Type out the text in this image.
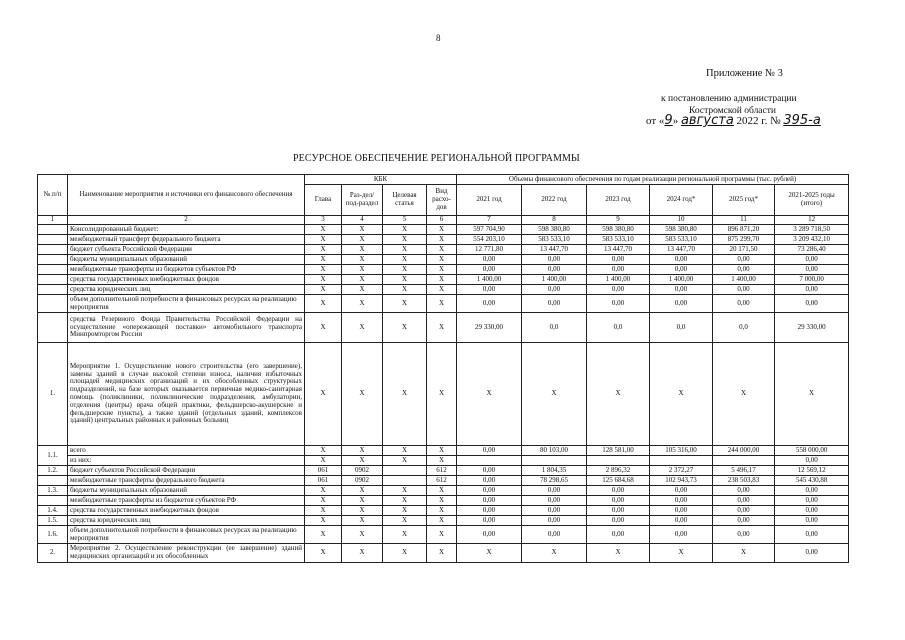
8
Приложение № 3
к постановлению администрации
Костромской области
от «9» августа 2022 г. № 395-а
РЕСУРСНОЕ ОБЕСПЕЧЕНИЕ РЕГИОНАЛЬНОЙ ПРОГРАММЫ
№ п/п	Наименование мероприятия и источники его финансового обеспечения	КБК				Объемы финансового обеспечения по годам реализации региональной программы (тыс. рублей)					
		Глава	Раз-дел/под-раздел	Целевая статья	Вид расхо-дов	2021 год	2022 год	2023 год	2024 год*	2025 год*	2021-2025 годы (итого)
1	2	3	4	5	6	7	8	9	10	11	12
	Консолидированный бюджет:	X	X	X	X	597 704,90	598 380,80	598 380,80	598 380,80	896 871,20	3 289 718,50
	межбюджетный трансферт федерального бюджета	X	X	X	X	554 203,10	583 533,10	583 533,10	583 533,10	875 299,70	3 209 432,10
	бюджет субъекта Российской Федерации	X	X	X	X	12 771,80	13 447,70	13 447,70	13 447,70	20 171,50	73 286,40
	бюджеты муниципальных образований	X	X	X	X	0,00	0,00	0,00	0,00	0,00	0,00
	межбюджетные трансферты из бюджетов субъектов РФ	X	X	X	X	0,00	0,00	0,00	0,00	0,00	0,00
	средства государственных внебюджетных фондов	X	X	X	X	1 400,00	1 400,00	1 400,00	1 400,00	1 400,00	7 000,00
	средства юридических лиц	X	X	X	X	0,00	0,00	0,00	0,00	0,00	0,00
	объем дополнительной потребности в финансовых ресурсах на реализацию мероприятия	X	X	X	X	0,00	0,00	0,00	0,00	0,00	0,00
	средства Резервного Фонда Правительства Российской Федерации на осуществление «опережающей поставки» автомобильного транспорта Минпромторгом России	X	X	X	X	29 330,00	0,0	0,0	0,0	0,0	29 330,00
1.	Мероприятие 1. Осуществление нового строительства (его завершение), замены зданий в случае высокой степени износа, наличия избыточных площадей медицинских организаций и их обособленных структурных подразделений, на базе которых оказывается первичная медико-санитарная помощь (поликлиники, поликлинические подразделения, амбулатории, отделения (центры) врача общей практики, фельдшерско-акушерские и фельдшерские пункты), а также зданий (отдельных зданий, комплексов зданий) центральных районных и районных больниц	X	X	X	X	X	X	X	X	X	X
1.1.	всего	X	X	X	X	0,00	80 103,00	128 581,00	105 316,00	244 000,00	558 000,00
	из них:	X	X	X	X						0,00
1.2.	бюджет субъектов Российской Федерации	061	0902		612	0,00	1 804,35	2 896,32	2 372,27	5 496,17	12 569,12
	межбюджетные трансферты федерального бюджета	061	0902		612	0,00	78 298,65	125 684,68	102 943,73	238 503,83	545 430,88
1.3.	бюджеты муниципальных образований	X	X	X	X	0,00	0,00	0,00	0,00	0,00	0,00
	межбюджетные трансферты из бюджетов субъектов РФ	X	X	X	X	0,00	0,00	0,00	0,00	0,00	0,00
1.4.	средства государственных внебюджетных фондов	X	X	X	X	0,00	0,00	0,00	0,00	0,00	0,00
1.5.	средства юридических лиц	X	X	X	X	0,00	0,00	0,00	0,00	0,00	0,00
1.6.	объем дополнительной потребности в финансовых ресурсах на реализацию мероприятия	X	X	X	X	0,00	0,00	0,00	0,00	0,00	0,00
2.	Мероприятие 2. Осуществление реконструкции (ее завершение) зданий медицинских организаций и их обособленных	X	X	X	X	X	X	X	X	X	0,00
